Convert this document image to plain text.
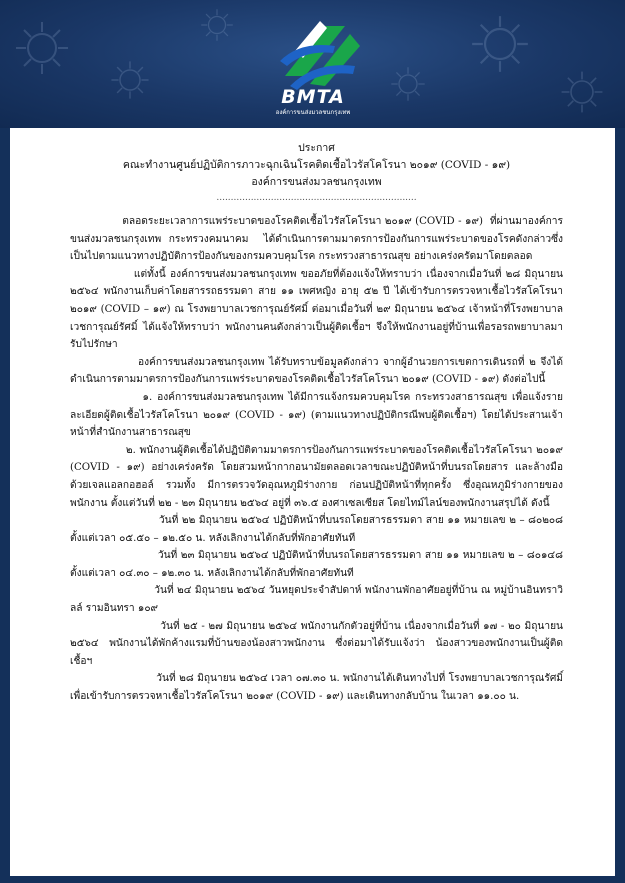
BMTA
องค์การขนส่งมวลชนกรุงเทพ
ประกาศ
คณะทำงานศูนย์ปฏิบัติการภาวะฉุกเฉินโรคติดเชื้อไวรัสโคโรนา ๒๐๑๙ (COVID - ๑๙)
องค์การขนส่งมวลชนกรุงเทพ
......................................................................

ตลอดระยะเวลาการแพร่ระบาดของโรคติดเชื้อไวรัสโคโรนา ๒๐๑๙ (COVID - ๑๙)  ที่ผ่านมาองค์การขนส่งมวลชนกรุงเทพ กระทรวงคมนาคม  ได้ดำเนินการตามมาตรการป้องกันการแพร่ระบาดของโรคดังกล่าวซึ่งเป็นไปตามแนวทางปฏิบัติการป้องกันของกรมควบคุมโรค กระทรวงสาธารณสุข อย่างเคร่งครัดมาโดยตลอด

แต่ทั้งนี้ องค์การขนส่งมวลชนกรุงเทพ ขออภัยที่ต้องแจ้งให้ทราบว่า เนื่องจากเมื่อวันที่ ๒๘ มิถุนายน ๒๕๖๔ พนักงานเก็บค่าโดยสารรถธรรมดา สาย ๑๑ เพศหญิง อายุ ๕๒ ปี ได้เข้ารับการตรวจหาเชื้อไวรัสโคโรนา ๒๐๑๙ (COVID – ๑๙) ณ โรงพยาบาลเวชการุณย์รัศมิ์ ต่อมาเมื่อวันที่ ๒๙ มิถุนายน ๒๕๖๔ เจ้าหน้าที่โรงพยาบาลเวชการุณย์รัศมิ์ ได้แจ้งให้ทราบว่า พนักงานคนดังกล่าวเป็นผู้ติดเชื้อฯ จึงให้พนักงานอยู่ที่บ้านเพื่อรอรถพยาบาลมารับไปรักษา

องค์การขนส่งมวลชนกรุงเทพ ได้รับทราบข้อมูลดังกล่าว จากผู้อำนวยการเขตการเดินรถที่ ๒ จึงได้ดำเนินการตามมาตรการป้องกันการแพร่ระบาดของโรคติดเชื้อไวรัสโคโรนา ๒๐๑๙ (COVID - ๑๙) ดังต่อไปนี้

๑. องค์การขนส่งมวลชนกรุงเทพ ได้มีการแจ้งกรมควบคุมโรค กระทรวงสาธารณสุข เพื่อแจ้งรายละเอียดผู้ติดเชื้อไวรัสโคโรนา ๒๐๑๙ (COVID - ๑๙) (ตามแนวทางปฏิบัติกรณีพบผู้ติดเชื้อฯ) โดยได้ประสานเจ้าหน้าที่สำนักงานสาธารณสุข

๒. พนักงานผู้ติดเชื้อได้ปฏิบัติตามมาตรการป้องกันการแพร่ระบาดของโรคติดเชื้อไวรัสโคโรนา ๒๐๑๙ (COVID - ๑๙) อย่างเคร่งครัด โดยสวมหน้ากากอนามัยตลอดเวลาขณะปฏิบัติหน้าที่บนรถโดยสาร และล้างมือด้วยเจลแอลกอฮอล์ รวมทั้ง มีการตรวจวัดอุณหภูมิร่างกาย ก่อนปฏิบัติหน้าที่ทุกครั้ง ซึ่งอุณหภูมิร่างกายของพนักงาน ตั้งแต่วันที่ ๒๒ - ๒๓ มิถุนายน ๒๕๖๔ อยู่ที่ ๓๖.๕ องศาเซลเซียส โดยไทม์ไลน์ของพนักงานสรุปได้ ดังนี้

วันที่ ๒๒ มิถุนายน ๒๕๖๔ ปฏิบัติหน้าที่บนรถโดยสารธรรมดา สาย ๑๑ หมายเลข ๒ – ๘๐๒๐๘ ตั้งแต่เวลา ๐๕.๕๐ – ๑๒.๕๐ น. หลังเลิกงานได้กลับที่พักอาศัยทันที

วันที่ ๒๓ มิถุนายน ๒๕๖๔ ปฏิบัติหน้าที่บนรถโดยสารธรรมดา สาย ๑๑ หมายเลข ๒ – ๘๐๑๔๘ ตั้งแต่เวลา ๐๔.๓๐ – ๑๒.๓๐ น. หลังเลิกงานได้กลับที่พักอาศัยทันที

วันที่ ๒๔ มิถุนายน ๒๕๖๔ วันหยุดประจำสัปดาห์ พนักงานพักอาศัยอยู่ที่บ้าน ณ หมู่บ้านอินทราวิลล์ รามอินทรา ๑๐๙

วันที่ ๒๕ - ๒๗ มิถุนายน ๒๕๖๔ พนักงานกักตัวอยู่ที่บ้าน เนื่องจากเมื่อวันที่ ๑๗ - ๒๐ มิถุนายน ๒๕๖๔ พนักงานได้พักค้างแรมที่บ้านของน้องสาวพนักงาน ซึ่งต่อมาได้รับแจ้งว่า น้องสาวของพนักงานเป็นผู้ติดเชื้อฯ

วันที่ ๒๘ มิถุนายน ๒๕๖๔ เวลา ๐๗.๓๐ น. พนักงานได้เดินทางไปที่ โรงพยาบาลเวชการุณรัศมิ์ เพื่อเข้ารับการตรวจหาเชื้อไวรัสโคโรนา ๒๐๑๙ (COVID - ๑๙) และเดินทางกลับบ้าน ในเวลา ๑๑.๐๐ น.
